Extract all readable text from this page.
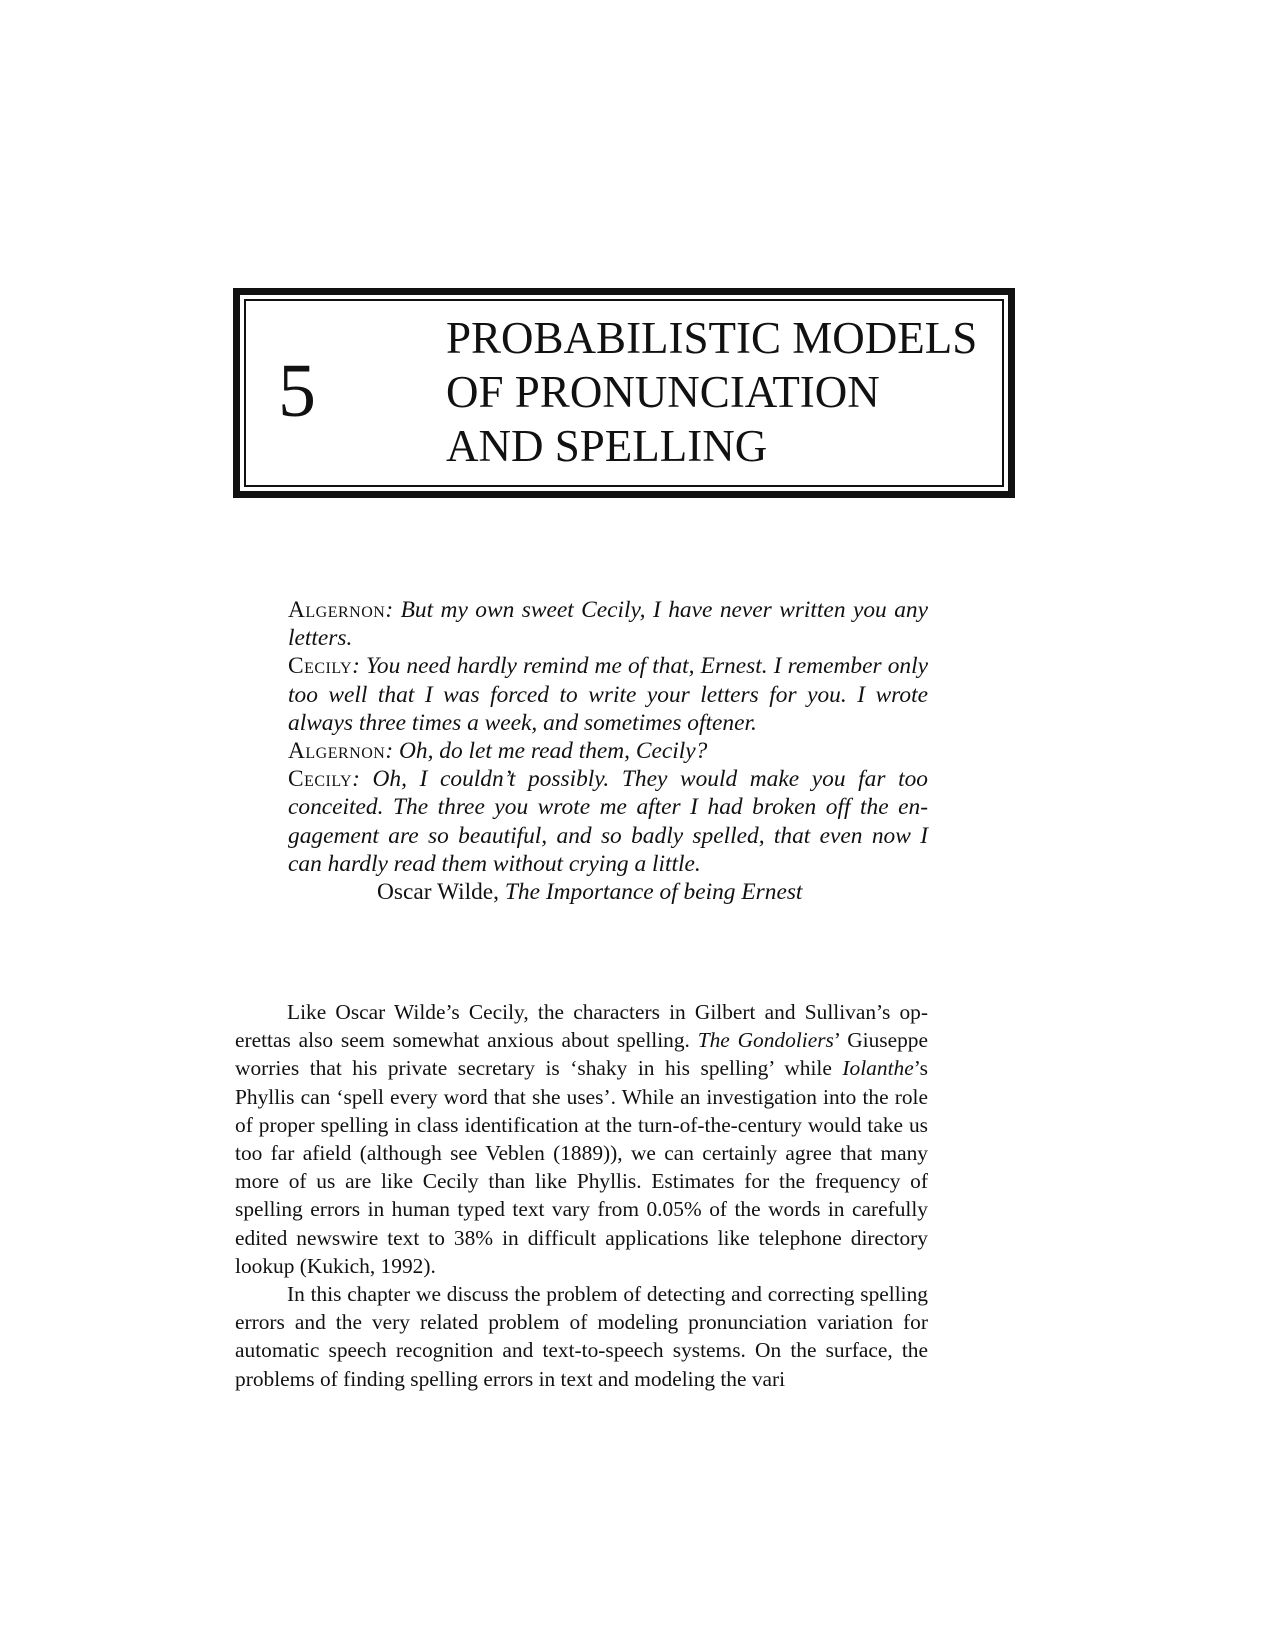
5
PROBABILISTIC MODELS
OF PRONUNCIATION
AND SPELLING

Algernon: But my own sweet Cecily, I have never written you any letters.

Cecily: You need hardly remind me of that, Ernest. I remember only too well that I was forced to write your letters for you. I wrote always three times a week, and sometimes oftener.

Algernon: Oh, do let me read them, Cecily?

Cecily: Oh, I couldn’t possibly. They would make you far too conceited. The three you wrote me after I had broken off the engagement are so beautiful, and so badly spelled, that even now I can hardly read them without crying a little.

Oscar Wilde, The Importance of being Ernest

Like Oscar Wilde’s Cecily, the characters in Gilbert and Sullivan’s operettas also seem somewhat anxious about spelling. The Gondoliers’ Giuseppe worries that his private secretary is ‘shaky in his spelling’ while Iolanthe’s Phyllis can ‘spell every word that she uses’. While an investigation into the role of proper spelling in class identification at the turn-of-the-century would take us too far afield (although see Veblen (1889)), we can certainly agree that many more of us are like Cecily than like Phyllis. Estimates for the frequency of spelling errors in human typed text vary from 0.05% of the words in carefully edited newswire text to 38% in difficult applications like telephone directory lookup (Kukich, 1992).

In this chapter we discuss the problem of detecting and correcting spelling errors and the very related problem of modeling pronunciation variation for automatic speech recognition and text-to-speech systems. On the surface, the problems of finding spelling errors in text and modeling the vari
